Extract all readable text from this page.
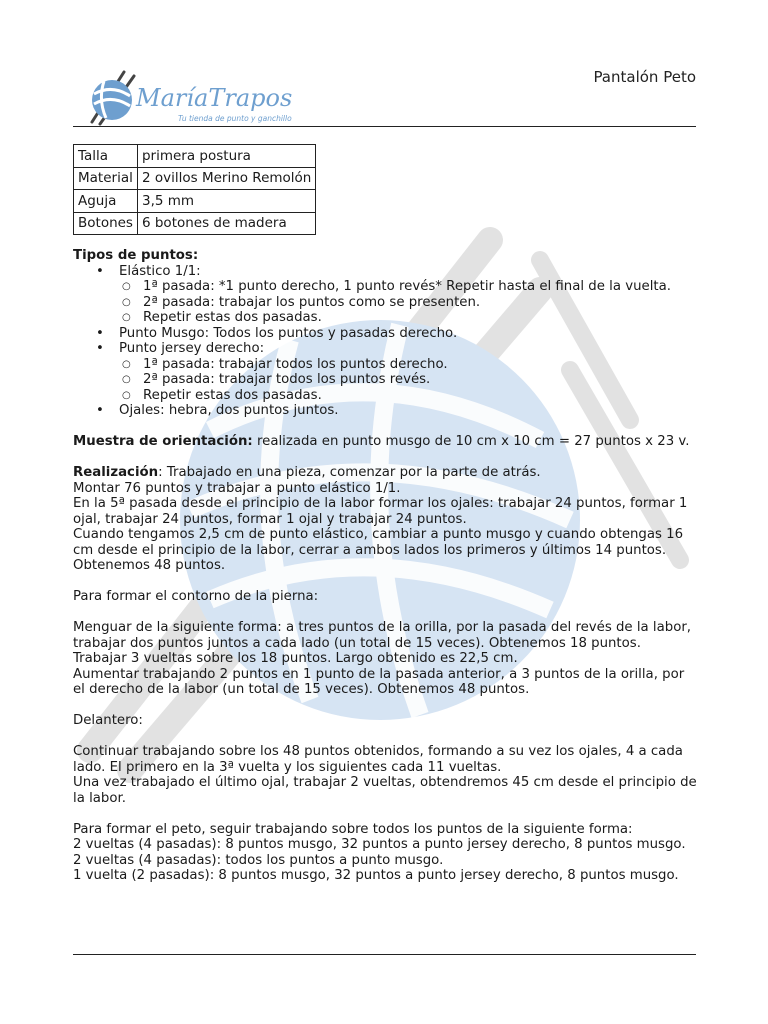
MaríaTrapos
Tu tienda de punto y ganchillo
Pantalón Peto
Talla	primera postura
Material	2 ovillos Merino Remolón
Aguja	3,5 mm
Botones	6 botones de madera

Tipos de puntos:

• Elástico 1/1:
○ 1ª pasada: *1 punto derecho, 1 punto revés* Repetir hasta el final de la vuelta.
○ 2ª pasada: trabajar los puntos como se presenten.
○ Repetir estas dos pasadas.
• Punto Musgo: Todos los puntos y pasadas derecho.
• Punto jersey derecho:
○ 1ª pasada: trabajar todos los puntos derecho.
○ 2ª pasada: trabajar todos los puntos revés.
○ Repetir estas dos pasadas.
• Ojales: hebra, dos puntos juntos.

Muestra de orientación: realizada en punto musgo de 10 cm x 10 cm = 27 puntos x 23 v.

Realización: Trabajado en una pieza, comenzar por la parte de atrás.

Montar 76 puntos y trabajar a punto elástico 1/1.

En la 5ª pasada desde el principio de la labor formar los ojales: trabajar 24 puntos, formar 1 ojal, trabajar 24 puntos, formar 1 ojal y trabajar 24 puntos.

Cuando tengamos 2,5 cm de punto elástico, cambiar a punto musgo y cuando obtengas 16 cm desde el principio de la labor, cerrar a ambos lados los primeros y últimos 14 puntos. Obtenemos 48 puntos.

Para formar el contorno de la pierna:

Menguar de la siguiente forma: a tres puntos de la orilla, por la pasada del revés de la labor, trabajar dos puntos juntos a cada lado (un total de 15 veces). Obtenemos 18 puntos.

Trabajar 3 vueltas sobre los 18 puntos. Largo obtenido es 22,5 cm.

Aumentar trabajando 2 puntos en 1 punto de la pasada anterior, a 3 puntos de la orilla, por el derecho de la labor (un total de 15 veces). Obtenemos 48 puntos.

Delantero:

Continuar trabajando sobre los 48 puntos obtenidos, formando a su vez los ojales, 4 a cada lado. El primero en la 3ª vuelta y los siguientes cada 11 vueltas.

Una vez trabajado el último ojal, trabajar 2 vueltas, obtendremos 45 cm desde el principio de la labor.

Para formar el peto, seguir trabajando sobre todos los puntos de la siguiente forma:

2 vueltas (4 pasadas): 8 puntos musgo, 32 puntos a punto jersey derecho, 8 puntos musgo.

2 vueltas (4 pasadas): todos los puntos a punto musgo.

1 vuelta (2 pasadas): 8 puntos musgo, 32 puntos a punto jersey derecho, 8 puntos musgo.
